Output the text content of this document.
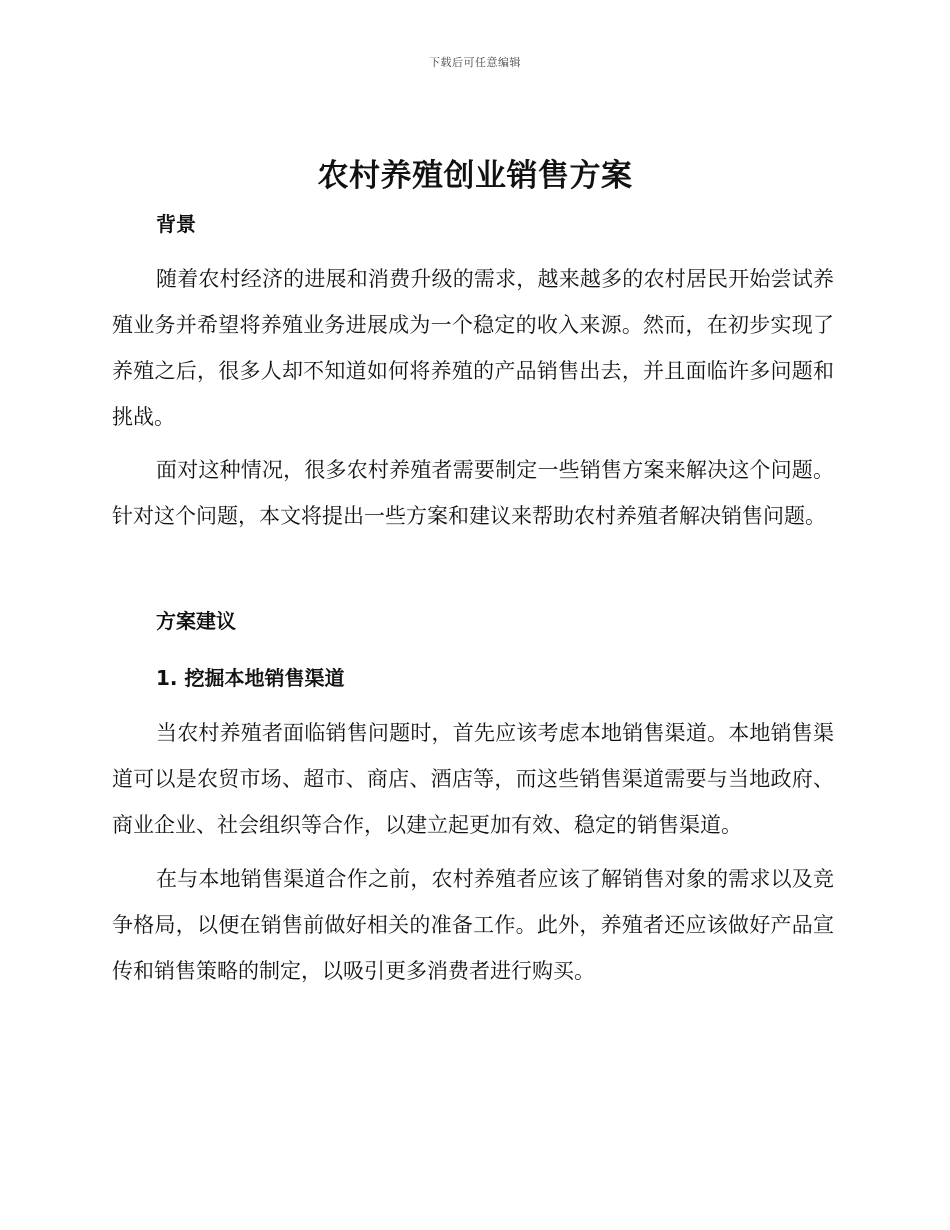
下载后可任意编辑
农村养殖创业销售方案
背景

随着农村经济的进展和消费升级的需求，越来越多的农村居民开始尝试养殖业务并希望将养殖业务进展成为一个稳定的收入来源。然而，在初步实现了养殖之后，很多人却不知道如何将养殖的产品销售出去，并且面临许多问题和挑战。

面对这种情况，很多农村养殖者需要制定一些销售方案来解决这个问题。针对这个问题，本文将提出一些方案和建议来帮助农村养殖者解决销售问题。

方案建议
1. 挖掘本地销售渠道

当农村养殖者面临销售问题时，首先应该考虑本地销售渠道。本地销售渠道可以是农贸市场、超市、商店、酒店等，而这些销售渠道需要与当地政府、商业企业、社会组织等合作，以建立起更加有效、稳定的销售渠道。

在与本地销售渠道合作之前，农村养殖者应该了解销售对象的需求以及竞争格局，以便在销售前做好相关的准备工作。此外，养殖者还应该做好产品宣传和销售策略的制定，以吸引更多消费者进行购买。
